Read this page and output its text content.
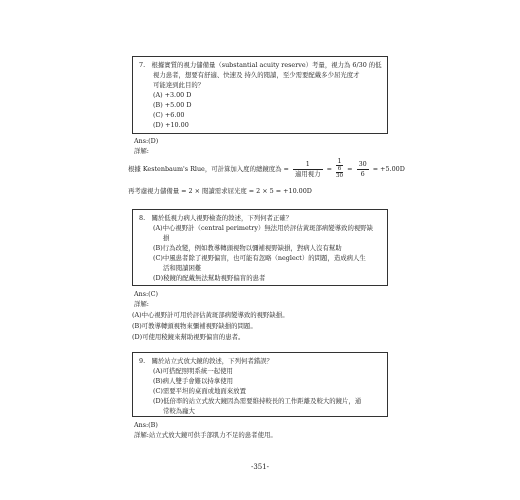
7.　根據實質的視力儲備量（substantial acuity reserve）考量，視力為 6/30 的低
視力患者，想要有舒適、快速及 持久的閱讀，至少需要配戴多少屈光度才
可能達到此目的？
(A) +3.00 D
(B) +5.00 D
(C) +6.00
(D) +10.00
Ans:(D)
詳解:
根據 Kestenbaum's Rlue，可計算加入度的總鏡度為 = $\frac{1}{\text{適用視力}} = \frac{1}{\frac{6}{30}} = \frac{30}{6} = +5.00D$
再考慮視力儲備量 = 2 × 閱讀需求屈光度 = 2 × 5 = +10.00D
8.　關於低視力病人視野檢查的敘述，下列何者正確？
(A)中心視野計（central perimetry）無法用於評估黃斑部病變導致的視野缺
損
(B)行為改變，例如教導轉頭視物以彌補視野缺損，對病人沒有幫助
(C)中風患者除了視野偏盲，也可能有忽略（neglect）的問題，造成病人生
活和閱讀困難
(D)稜鏡的配戴無法幫助視野偏盲的患者
Ans:(C)
詳解:
(A)中心視野計可用於評估黃斑部病變導致的視野缺損。
(B)可教導轉頭視物來彌補視野缺損的問題。
(D)可使用稜鏡來幫助視野偏盲的患者。
9.　關於站立式放大鏡的敘述，下列何者錯誤？
(A)可搭配照明系統一起使用
(B)病人雙手會難以持拿使用
(C)需要平坦的桌面或地面來放置
(D)低倍率的站立式放大鏡因為需要維持較長的工作距離及較大的鏡片，通
常較為龐大
Ans:(B)
詳解:站立式放大鏡可供手部肌力不足的患者使用。
-351-
